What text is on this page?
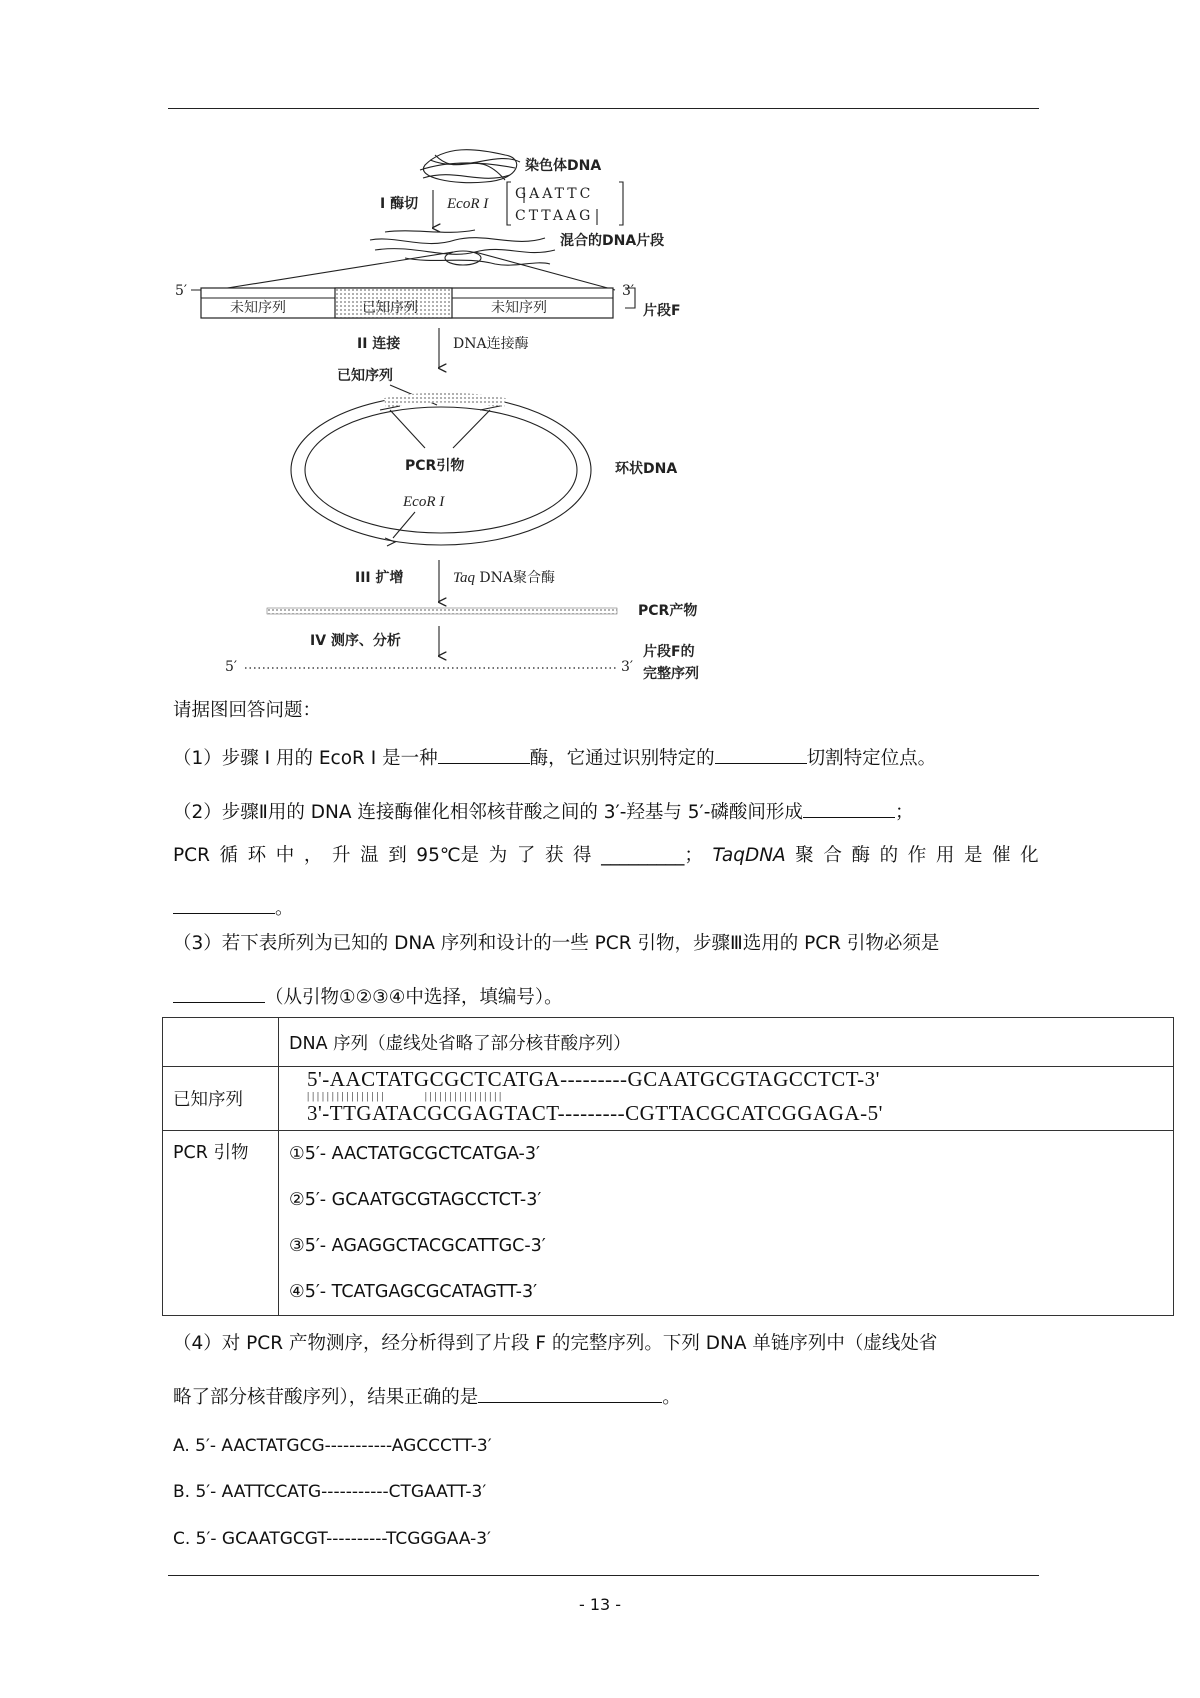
染色体DNA
I 酶切 EcoR I
GAATTC
CTTAAG
混合的DNA片段
5′	3′
未知序列	已知序列	未知序列	片段F
II 连接	DNA连接酶
已知序列
PCR引物
EcoR I
环状DNA
III 扩增	Taq DNA聚合酶
PCR产物
IV 测序、分析
5′	3′
片段F的
完整序列
请据图回答问题：
（1）步骤 I 用的 EcoR I 是一种	酶，它通过识别特定的	切割特定位点。
（2）步骤Ⅱ用的 DNA 连接酶催化相邻核苷酸之间的 3′-羟基与 5′-磷酸间形成	；
PCR 循 环 中 ， 升 温 到 95℃是 为 了 获 得 _________； TaqDNA 聚 合 酶 的 作 用 是 催 化
。
（3）若下表所列为已知的 DNA 序列和设计的一些 PCR 引物，步骤Ⅲ选用的 PCR 引物必须是
（从引物①②③④中选择，填编号）。
	DNA 序列（虚线处省略了部分核苷酸序列）
已知序列	5'-AACTATGCGCTCATGA---------GCAATGCGTAGCCTCT-3'
| | | | | | | | | | | | | | | |               | | | | | | | | | | | | | | | |
3'-TTGATACGCGAGTACT---------CGTTACGCATCGGAGA-5'

PCR 引物	①5′- AACTATGCGCTCATGA-3′
②5′- GCAATGCGTAGCCTCT-3′
③5′- AGAGGCTACGCATTGC-3′
④5′- TCATGAGCGCATAGTT-3′
（4）对 PCR 产物测序，经分析得到了片段 F 的完整序列。下列 DNA 单链序列中（虚线处省
略了部分核苷酸序列），结果正确的是	。
A. 5′- AACTATGCG-----------AGCCCTT-3′
B. 5′- AATTCCATG-----------CTGAATT-3′
C. 5′- GCAATGCGT----------TCGGGAA-3′
- 13 -
